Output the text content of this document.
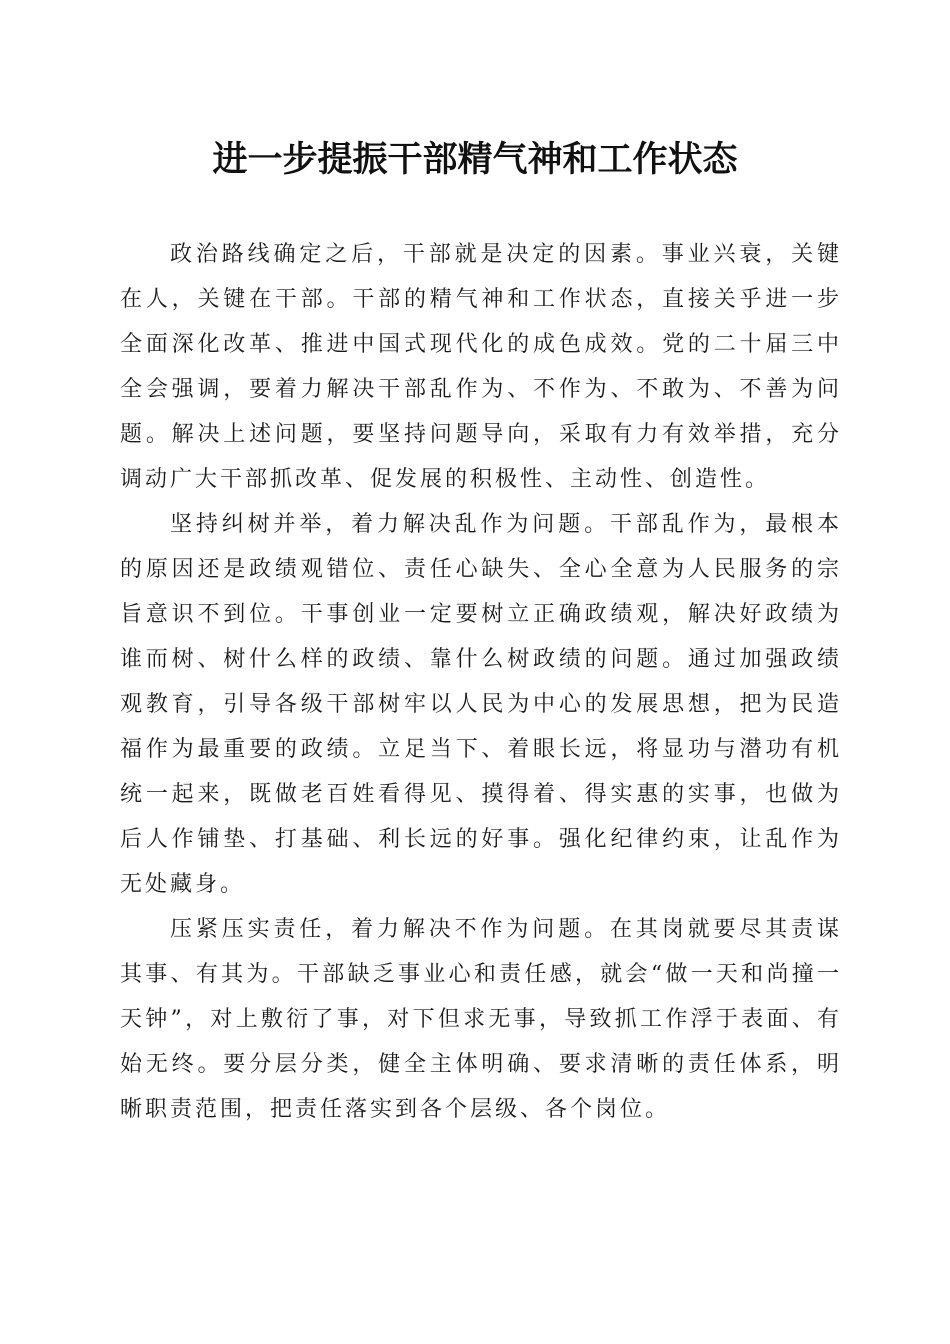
进一步提振干部精气神和工作状态

政治路线确定之后，干部就是决定的因素。事业兴衰，关键在人，关键在干部。干部的精气神和工作状态，直接关乎进一步全面深化改革、推进中国式现代化的成色成效。党的二十届三中全会强调，要着力解决干部乱作为、不作为、不敢为、不善为问题。解决上述问题，要坚持问题导向，采取有力有效举措，充分调动广大干部抓改革、促发展的积极性、主动性、创造性。

坚持纠树并举，着力解决乱作为问题。干部乱作为，最根本的原因还是政绩观错位、责任心缺失、全心全意为人民服务的宗旨意识不到位。干事创业一定要树立正确政绩观，解决好政绩为谁而树、树什么样的政绩、靠什么树政绩的问题。通过加强政绩观教育，引导各级干部树牢以人民为中心的发展思想，把为民造福作为最重要的政绩。立足当下、着眼长远，将显功与潜功有机统一起来，既做老百姓看得见、摸得着、得实惠的实事，也做为后人作铺垫、打基础、利长远的好事。强化纪律约束，让乱作为无处藏身。

压紧压实责任，着力解决不作为问题。在其岗就要尽其责谋其事、有其为。干部缺乏事业心和责任感，就会“做一天和尚撞一天钟”，对上敷衍了事，对下但求无事，导致抓工作浮于表面、有始无终。要分层分类，健全主体明确、要求清晰的责任体系，明晰职责范围，把责任落实到各个层级、各个岗位。
